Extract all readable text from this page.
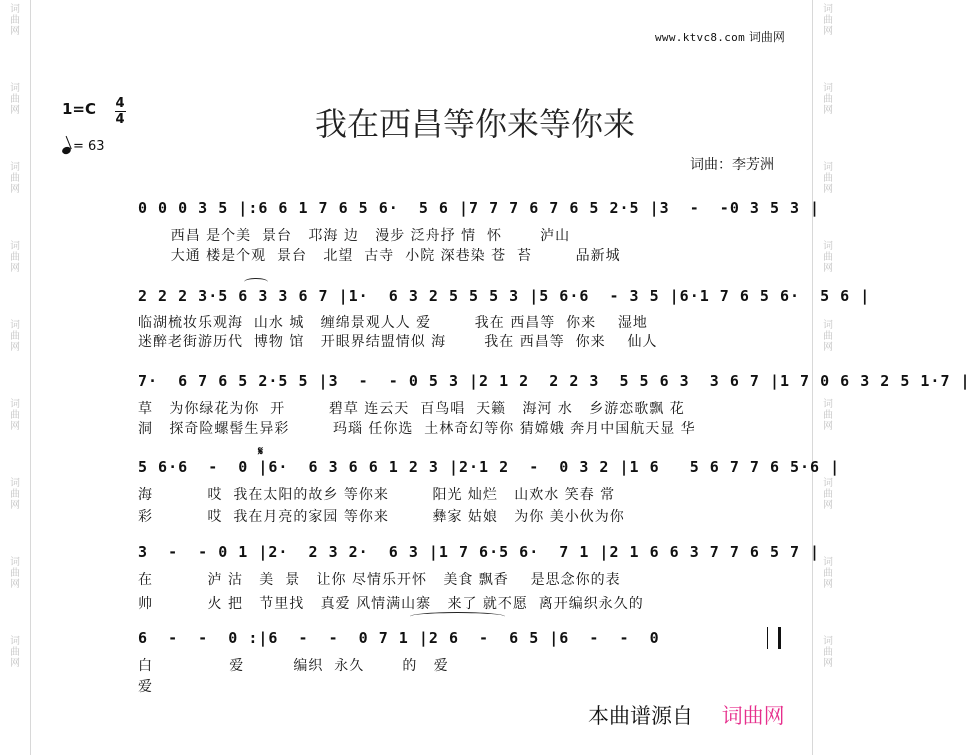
词
曲
网
词
曲
网
词
曲
网
词
曲
网
词
曲
网
词
曲
网
词
曲
网
词
曲
网
词
曲
网
词
曲
网
词
曲
网
词
曲
网
词
曲
网
词
曲
网
词
曲
网
词
曲
网
词
曲
网
词
曲
网
www.ktvc8.com 词曲网
1=C 4
4
= 63
我在西昌等你来等你来
词曲：李芳洲
0 0 0 3 5 |:6 6 1 7 6 5 6·  5 6 |7 7 7 6 7 6 5 2·5 |3  -  -0 3 5 3 |
西昌 是个美  景台   邛海 边   漫步 泛舟抒 情  怀       泸山
大通 楼是个观  景台   北望  古寺  小院 深巷染 苍  苔        品新城
2 2 2 3·5 6 3 3 6 7 |1·  6 3 2 5 5 5 3 |5 6·6  - 3 5 |6·1 7 6 5 6·  5 6 |
临湖梳妆乐观海  山水 城   缠绵景观人人 爱        我在 西昌等  你来    湿地
迷醉老街游历代  博物 馆   开眼界结盟情似 海       我在 西昌等  你来    仙人
7·  6 7 6 5 2·5 5 |3  -  - 0 5 3 |2 1 2  2 2 3  5 5 6 3  3 6 7 |1 7 0 6 3 2 5 1·7 |
草   为你绿花为你  开        碧草 连云天  百鸟唱  天籁   海河 水   乡游恋歌飘 花
洞   探奇险螺髻生异彩        玛瑙 任你选  土林奇幻等你 猜嫦娥 奔月中国航天显 华
𝄋
5 6·6  -  0 |6·  6 3 6 6 1 2 3 |2·1 2  -  0 3 2 |1 6   5 6 7 7 6 5·6 |
海          哎  我在太阳的故乡 等你来        阳光 灿烂   山欢水 笑春 常
彩          哎  我在月亮的家园 等你来        彝家 姑娘   为你 美小伙为你
3  -  - 0 1 |2·  2 3 2·  6 3 |1 7 6·5 6·  7 1 |2 1 6 6 3 7 7 6 5 7 |
在          泸 沽   美  景   让你 尽情乐开怀   美食 飘香    是思念你的表
帅          火 把   节里找   真爱 风情满山寨   来了 就不愿  离开编织永久的
6  -  -  0 :|6  -  -  0 7 1 |2 6  -  6 5 |6  -  -  0
白              爱         编织  永久       的   爱
爱
本曲谱源自 词曲网
